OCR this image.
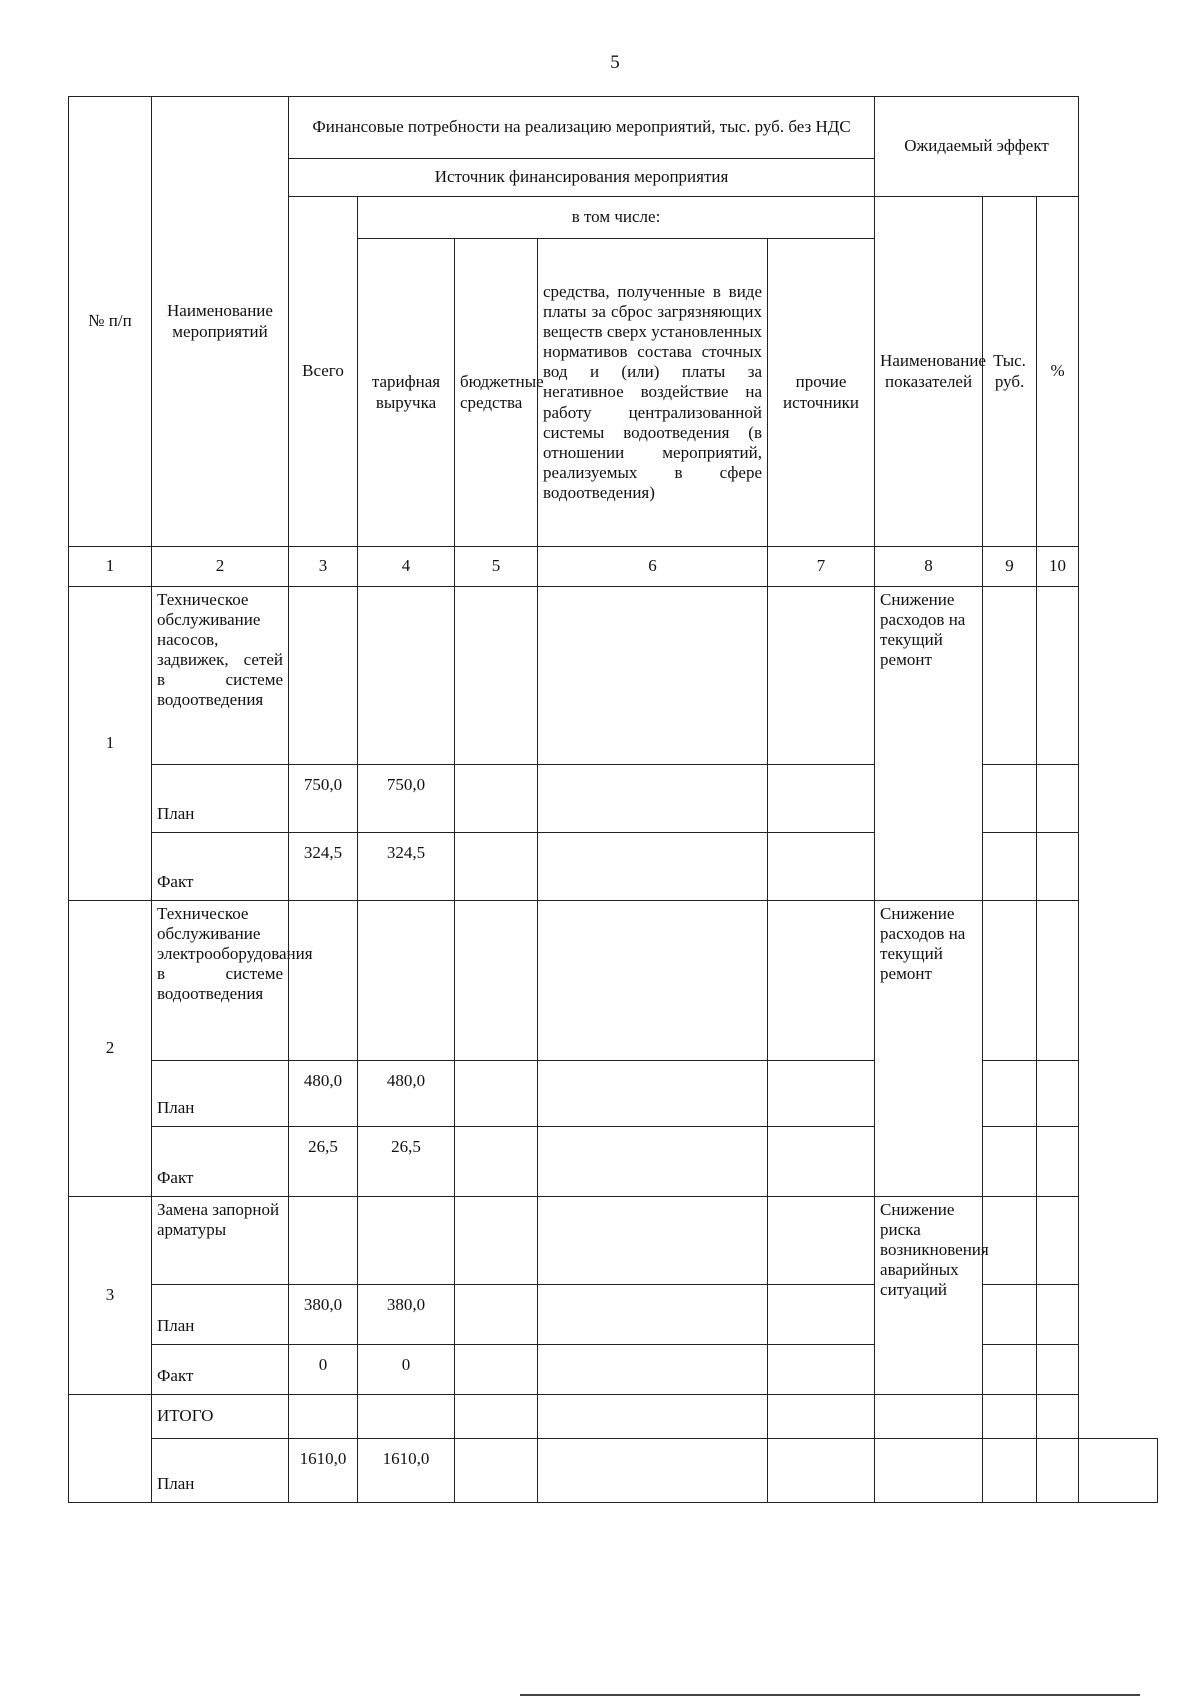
5
№ п/п	Наименование мероприятий	Финансовые потребности на реализацию мероприятий, тыс. руб. без НДС					Ожидаемый эффект			
		Источник финансирования мероприятия								
		Всего	в том числе:				Наименование показателей	Тыс. руб.	%	
			тарифная выручка	бюджетные средства	средства, полученные в виде платы за сброс загрязняющих веществ сверх установленных нормативов состава сточных вод и (или) платы за негативное воздействие на работу централизованной системы водоотведения (в отношении мероприятий, реализуемых в сфере водоотведения)	прочие источники				
1	2	3	4	5	6	7	8	9	10	
1	Техническое обслуживание насосов, задвижек, сетей в системе водоотведения						Снижение расходов на текущий ремонт			
	План	750,0	750,0							
	Факт	324,5	324,5							
2	Техническое обслуживание электрооборудования в системе водоотведения						Снижение расходов на текущий ремонт			
	План	480,0	480,0							
	Факт	26,5	26,5							
3	Замена запорной арматуры						Снижение риска возникновения аварийных ситуаций			
	План	380,0	380,0							
	Факт	0	0							
	ИТОГО									
	План	1610,0	1610,0							
